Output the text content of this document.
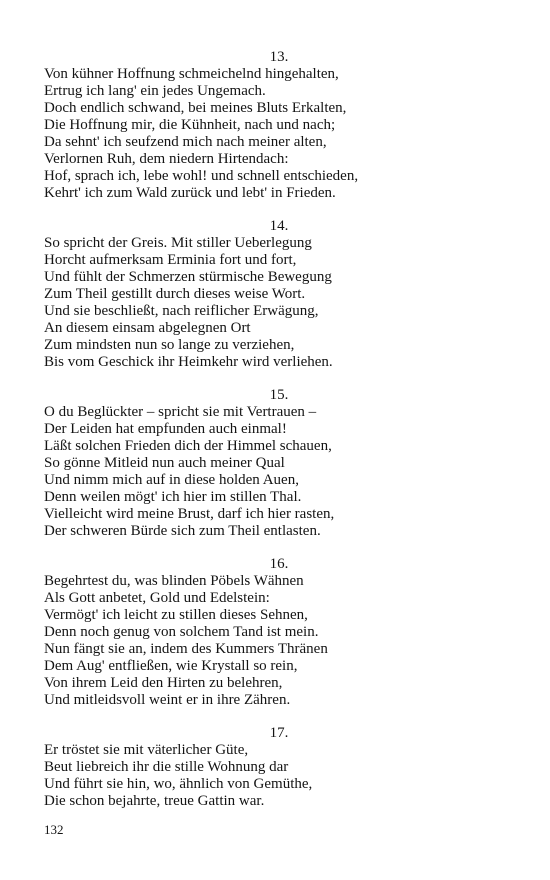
13.
Von kühner Hoffnung schmeichelnd hingehalten,
Ertrug ich lang' ein jedes Ungemach.
Doch endlich schwand, bei meines Bluts Erkalten,
Die Hoffnung mir, die Kühnheit, nach und nach;
Da sehnt' ich seufzend mich nach meiner alten,
Verlornen Ruh, dem niedern Hirtendach:
Hof, sprach ich, lebe wohl! und schnell entschieden,
Kehrt' ich zum Wald zurück und lebt' in Frieden.
14.
So spricht der Greis. Mit stiller Ueberlegung
Horcht aufmerksam Erminia fort und fort,
Und fühlt der Schmerzen stürmische Bewegung
Zum Theil gestillt durch dieses weise Wort.
Und sie beschließt, nach reiflicher Erwägung,
An diesem einsam abgelegnen Ort
Zum mindsten nun so lange zu verziehen,
Bis vom Geschick ihr Heimkehr wird verliehen.
15.
O du Beglückter – spricht sie mit Vertrauen –
Der Leiden hat empfunden auch einmal!
Läßt solchen Frieden dich der Himmel schauen,
So gönne Mitleid nun auch meiner Qual
Und nimm mich auf in diese holden Auen,
Denn weilen mögt' ich hier im stillen Thal.
Vielleicht wird meine Brust, darf ich hier rasten,
Der schweren Bürde sich zum Theil entlasten.
16.
Begehrtest du, was blinden Pöbels Wähnen
Als Gott anbetet, Gold und Edelstein:
Vermögt' ich leicht zu stillen dieses Sehnen,
Denn noch genug von solchem Tand ist mein.
Nun fängt sie an, indem des Kummers Thränen
Dem Aug' entfließen, wie Krystall so rein,
Von ihrem Leid den Hirten zu belehren,
Und mitleidsvoll weint er in ihre Zähren.
17.
Er tröstet sie mit väterlicher Güte,
Beut liebreich ihr die stille Wohnung dar
Und führt sie hin, wo, ähnlich von Gemüthe,
Die schon bejahrte, treue Gattin war.
132
